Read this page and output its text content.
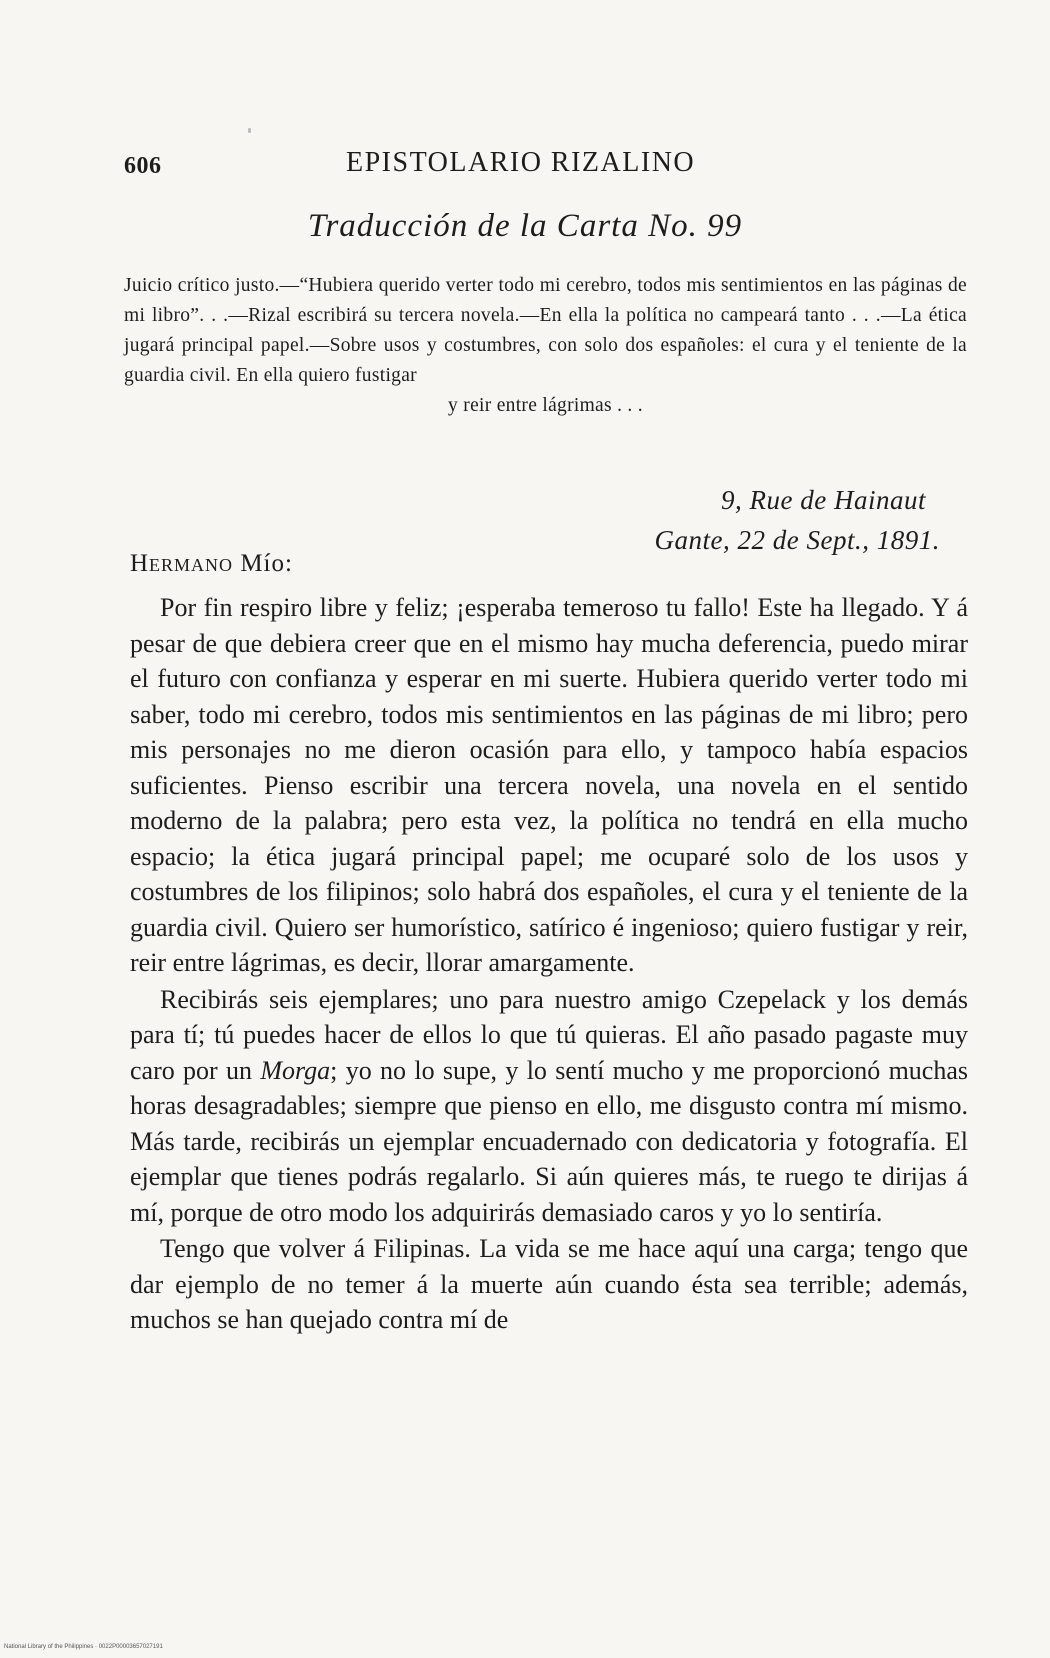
606	EPISTOLARIO RIZALINO
Traducción de la Carta No. 99
Juicio crítico justo.—“Hubiera querido verter todo mi cerebro, todos mis sentimientos en las páginas de mi libro”. . .—Rizal escribirá su tercera novela.—En ella la política no campeará tanto . . .—La ética jugará principal papel.—Sobre usos y costumbres, con solo dos españoles: el cura y el teniente de la guardia civil. En ella quiero fustigar
y reir entre lágrimas . . .
9, Rue de Hainaut
Gante, 22 de Sept., 1891.
Hermano Mío:

Por fin respiro libre y feliz; ¡esperaba temeroso tu fallo! Este ha llegado. Y á pesar de que debiera creer que en el mismo hay mucha deferencia, puedo mirar el futuro con confianza y esperar en mi suerte. Hubiera querido verter todo mi saber, todo mi cerebro, todos mis sentimientos en las páginas de mi libro; pero mis personajes no me dieron ocasión para ello, y tampoco había espacios suficientes. Pienso escribir una tercera novela, una novela en el sentido moderno de la palabra; pero esta vez, la política no tendrá en ella mucho espacio; la ética jugará principal papel; me ocuparé solo de los usos y costumbres de los filipinos; solo habrá dos españoles, el cura y el teniente de la guardia civil. Quiero ser humorístico, satírico é ingenioso; quiero fustigar y reir, reir entre lágrimas, es decir, llorar amargamente.

Recibirás seis ejemplares; uno para nuestro amigo Czepelack y los demás para tí; tú puedes hacer de ellos lo que tú quieras. El año pasado pagaste muy caro por un Morga; yo no lo supe, y lo sentí mucho y me proporcionó muchas horas desagradables; siempre que pienso en ello, me disgusto contra mí mismo. Más tarde, recibirás un ejemplar encuadernado con dedicatoria y fotografía. El ejemplar que tienes podrás regalarlo. Si aún quieres más, te ruego te dirijas á mí, porque de otro modo los adquirirás demasiado caros y yo lo sentiría.

Tengo que volver á Filipinas. La vida se me hace aquí una carga; tengo que dar ejemplo de no temer á la muerte aún cuando ésta sea terrible; además, muchos se han quejado contra mí de

National Library of the Philippines · 0022P00003657027191
